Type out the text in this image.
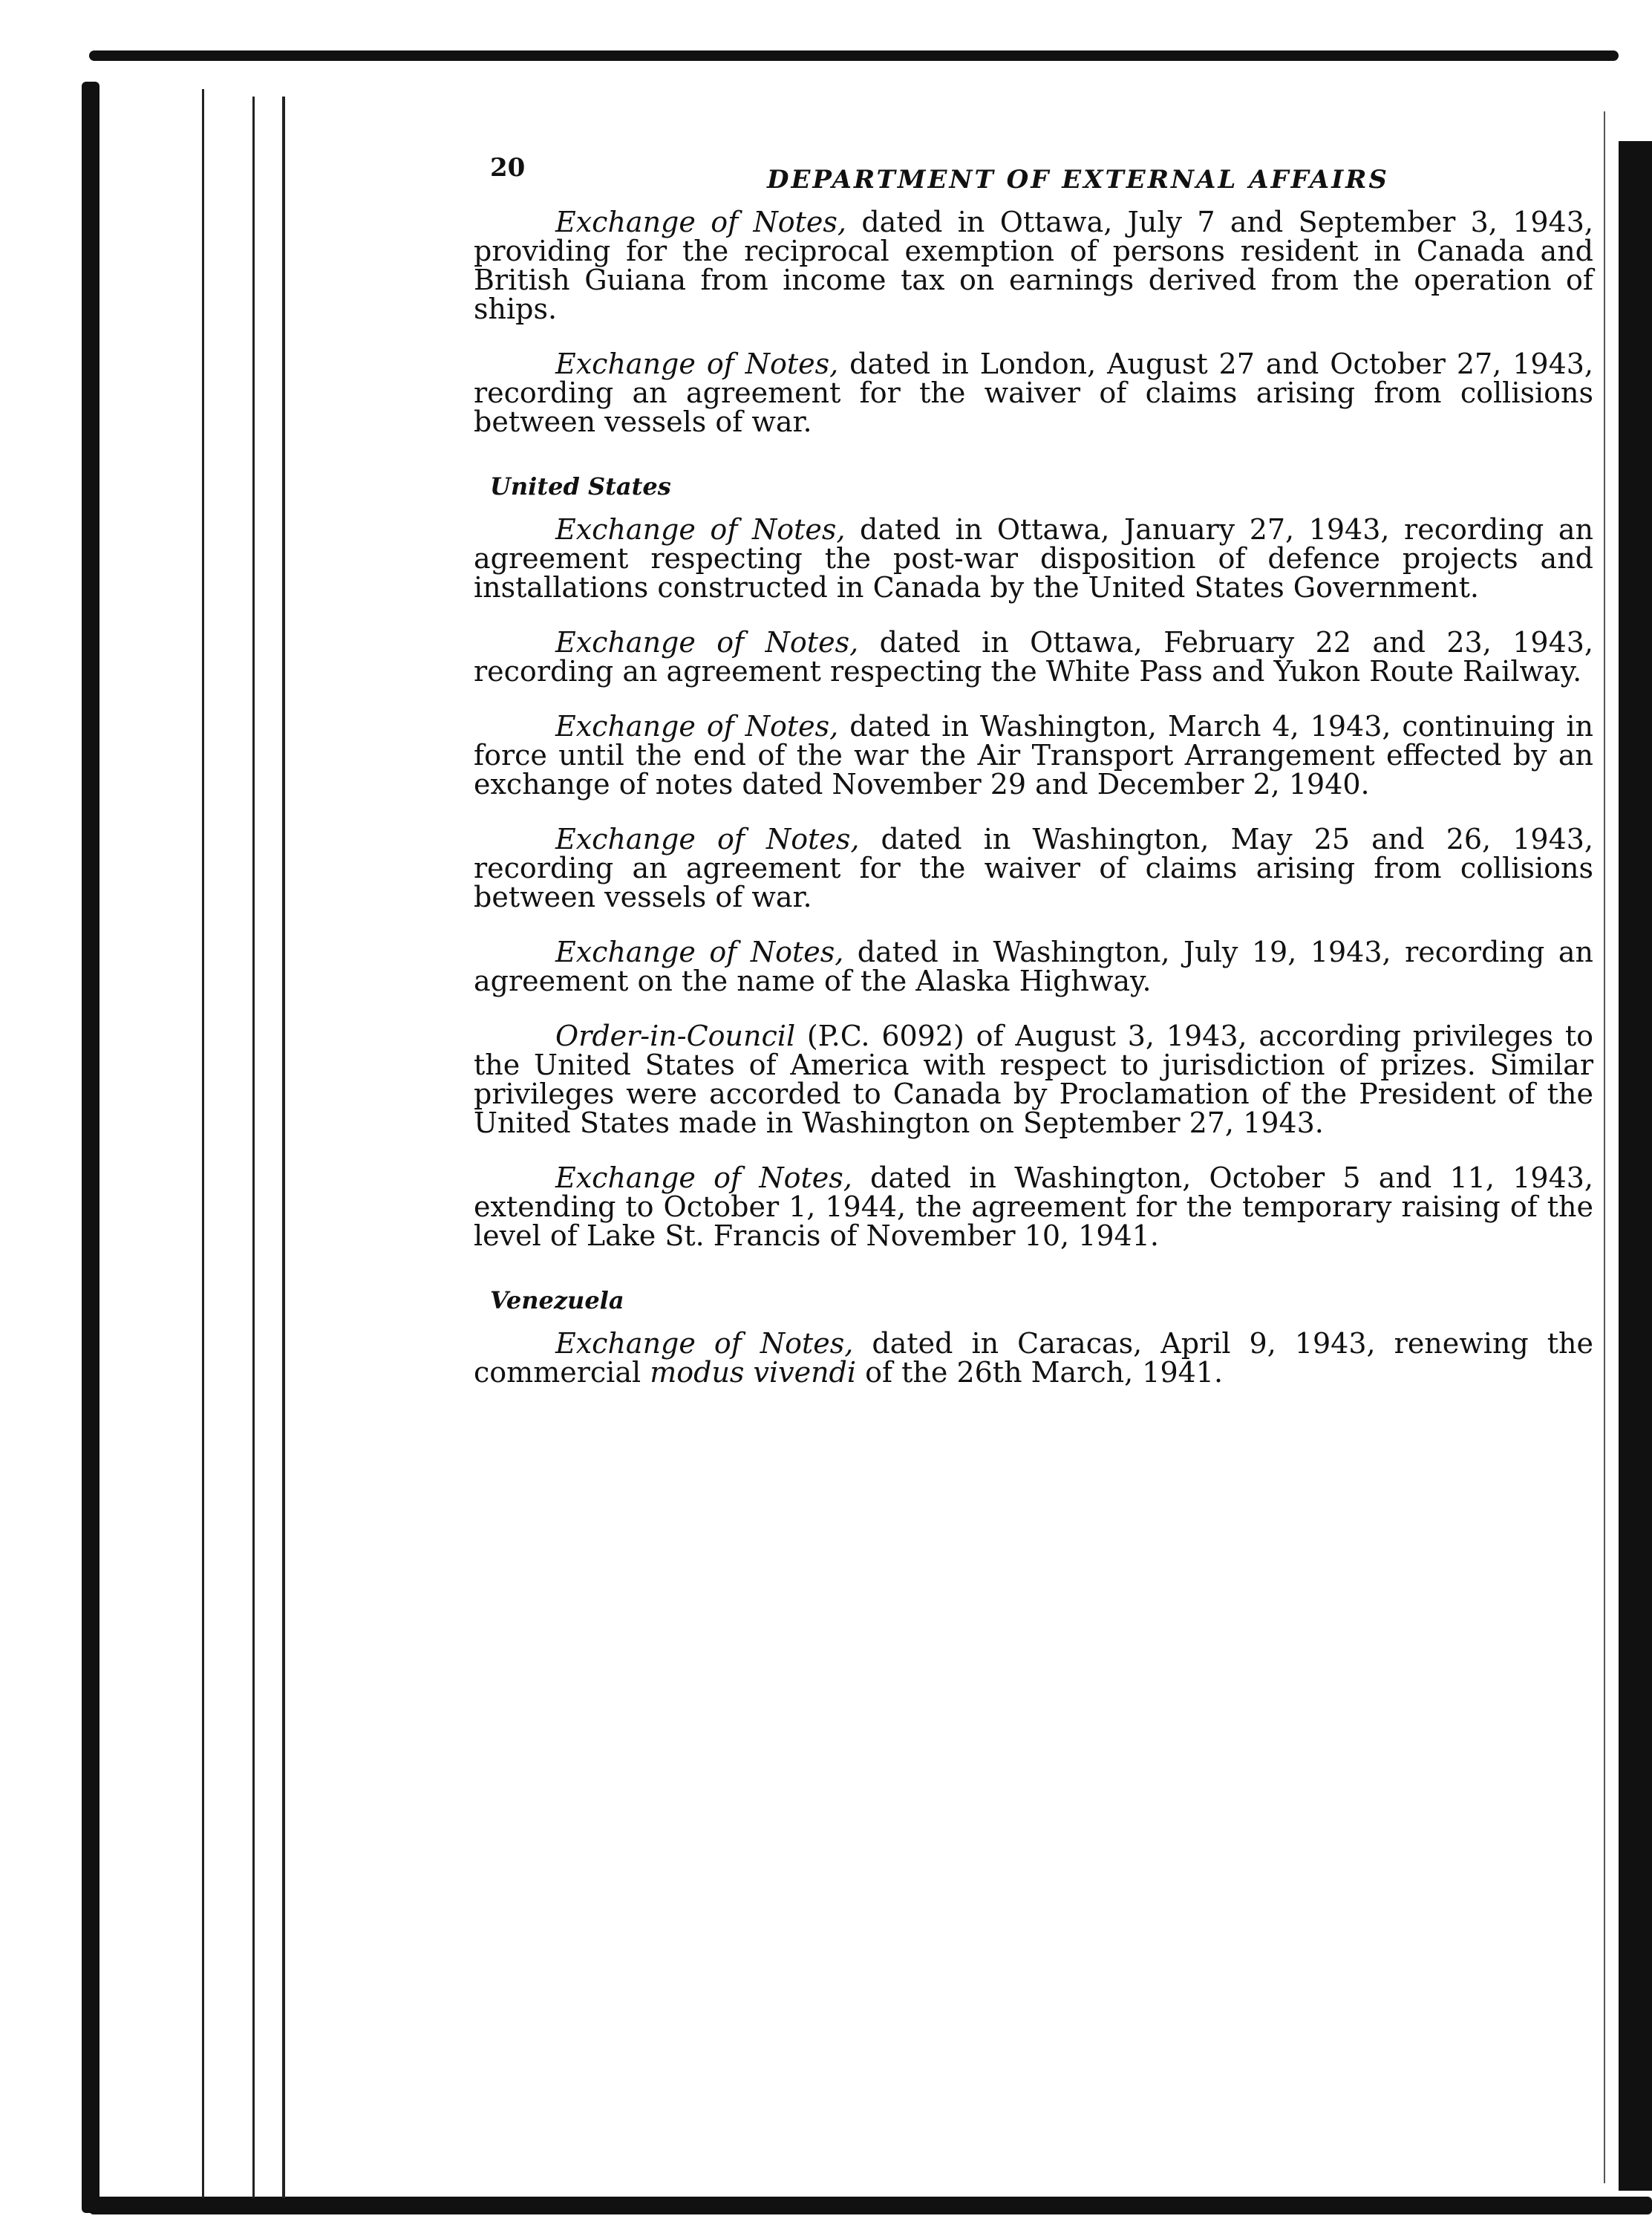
20	DEPARTMENT OF EXTERNAL AFFAIRS

Exchange of Notes, dated in Ottawa, July 7 and September 3, 1943, providing for the reciprocal exemption of persons resident in Canada and British Guiana from income tax on earnings derived from the operation of ships.

Exchange of Notes, dated in London, August 27 and October 27, 1943, recording an agreement for the waiver of claims arising from collisions between vessels of war.

United States

Exchange of Notes, dated in Ottawa, January 27, 1943, recording an agreement respecting the post-war disposition of defence projects and installations constructed in Canada by the United States Government.

Exchange of Notes, dated in Ottawa, February 22 and 23, 1943, recording an agreement respecting the White Pass and Yukon Route Railway.

Exchange of Notes, dated in Washington, March 4, 1943, continuing in force until the end of the war the Air Transport Arrangement effected by an exchange of notes dated November 29 and December 2, 1940.

Exchange of Notes, dated in Washington, May 25 and 26, 1943, recording an agreement for the waiver of claims arising from collisions between vessels of war.

Exchange of Notes, dated in Washington, July 19, 1943, recording an agreement on the name of the Alaska Highway.

Order-in-Council (P.C. 6092) of August 3, 1943, according privileges to the United States of America with respect to jurisdiction of prizes. Similar privileges were accorded to Canada by Proclamation of the President of the United States made in Washington on September 27, 1943.

Exchange of Notes, dated in Washington, October 5 and 11, 1943, extending to October 1, 1944, the agreement for the temporary raising of the level of Lake St. Francis of November 10, 1941.

Venezuela

Exchange of Notes, dated in Caracas, April 9, 1943, renewing the commercial modus vivendi of the 26th March, 1941.
